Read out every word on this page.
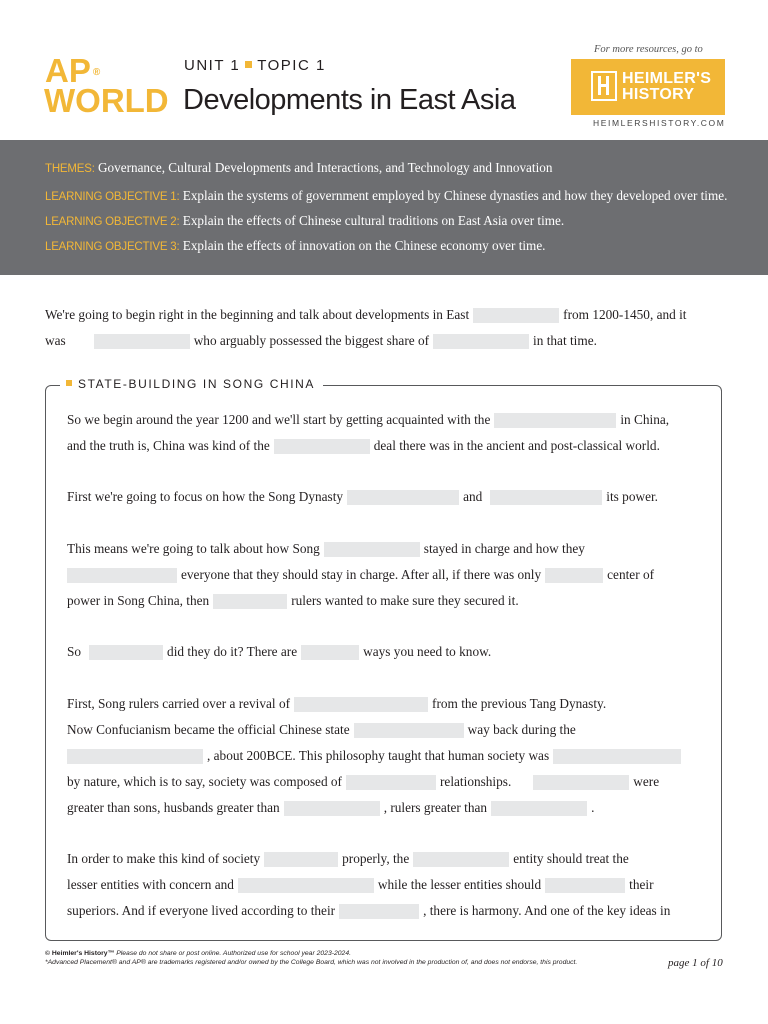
AP ®
WORLD
UNIT 1 TOPIC 1
Developments in East Asia
For more resources, go to
HEIMLER'S
HISTORY
HEIMLERSHISTORY.COM
THEMES: Governance, Cultural Developments and Interactions, and Technology and Innovation
LEARNING OBJECTIVE 1: Explain the systems of government employed by Chinese dynasties and how they developed over time.
LEARNING OBJECTIVE 2: Explain the effects of Chinese cultural traditions on East Asia over time.
LEARNING OBJECTIVE 3: Explain the effects of innovation on the Chinese economy over time.
We're going to begin right in the beginning and talk about developments in East	from 1200-1450, and it
was	who arguably possessed the biggest share of	in that time.
STATE-BUILDING IN SONG CHINA
So we begin around the year 1200 and we'll start by getting acquainted with the	in China,
and the truth is, China was kind of the	deal there was in the ancient and post-classical world.
First we're going to focus on how the Song Dynasty	and	its power.
This means we're going to talk about how Song	stayed in charge and how they
everyone that they should stay in charge. After all, if there was only	center of
power in Song China, then	rulers wanted to make sure they secured it.
So	did they do it? There are	ways you need to know.
First, Song rulers carried over a revival of	from the previous Tang Dynasty.
Now Confucianism became the official Chinese state	way back during the
, about 200BCE. This philosophy taught that human society was
by nature, which is to say, society was composed of	relationships.	were
greater than sons, husbands greater than	, rulers greater than	.
In order to make this kind of society	properly, the	entity should treat the
lesser entities with concern and	while the lesser entities should	their
superiors. And if everyone lived according to their	, there is harmony. And one of the key ideas in
© Heimler's History™ Please do not share or post online. Authorized use for school year 2023-2024.
*Advanced Placement® and AP® are trademarks registered and/or owned by the College Board, which was not involved in the production of, and does not endorse, this product.	page 1 of 10
